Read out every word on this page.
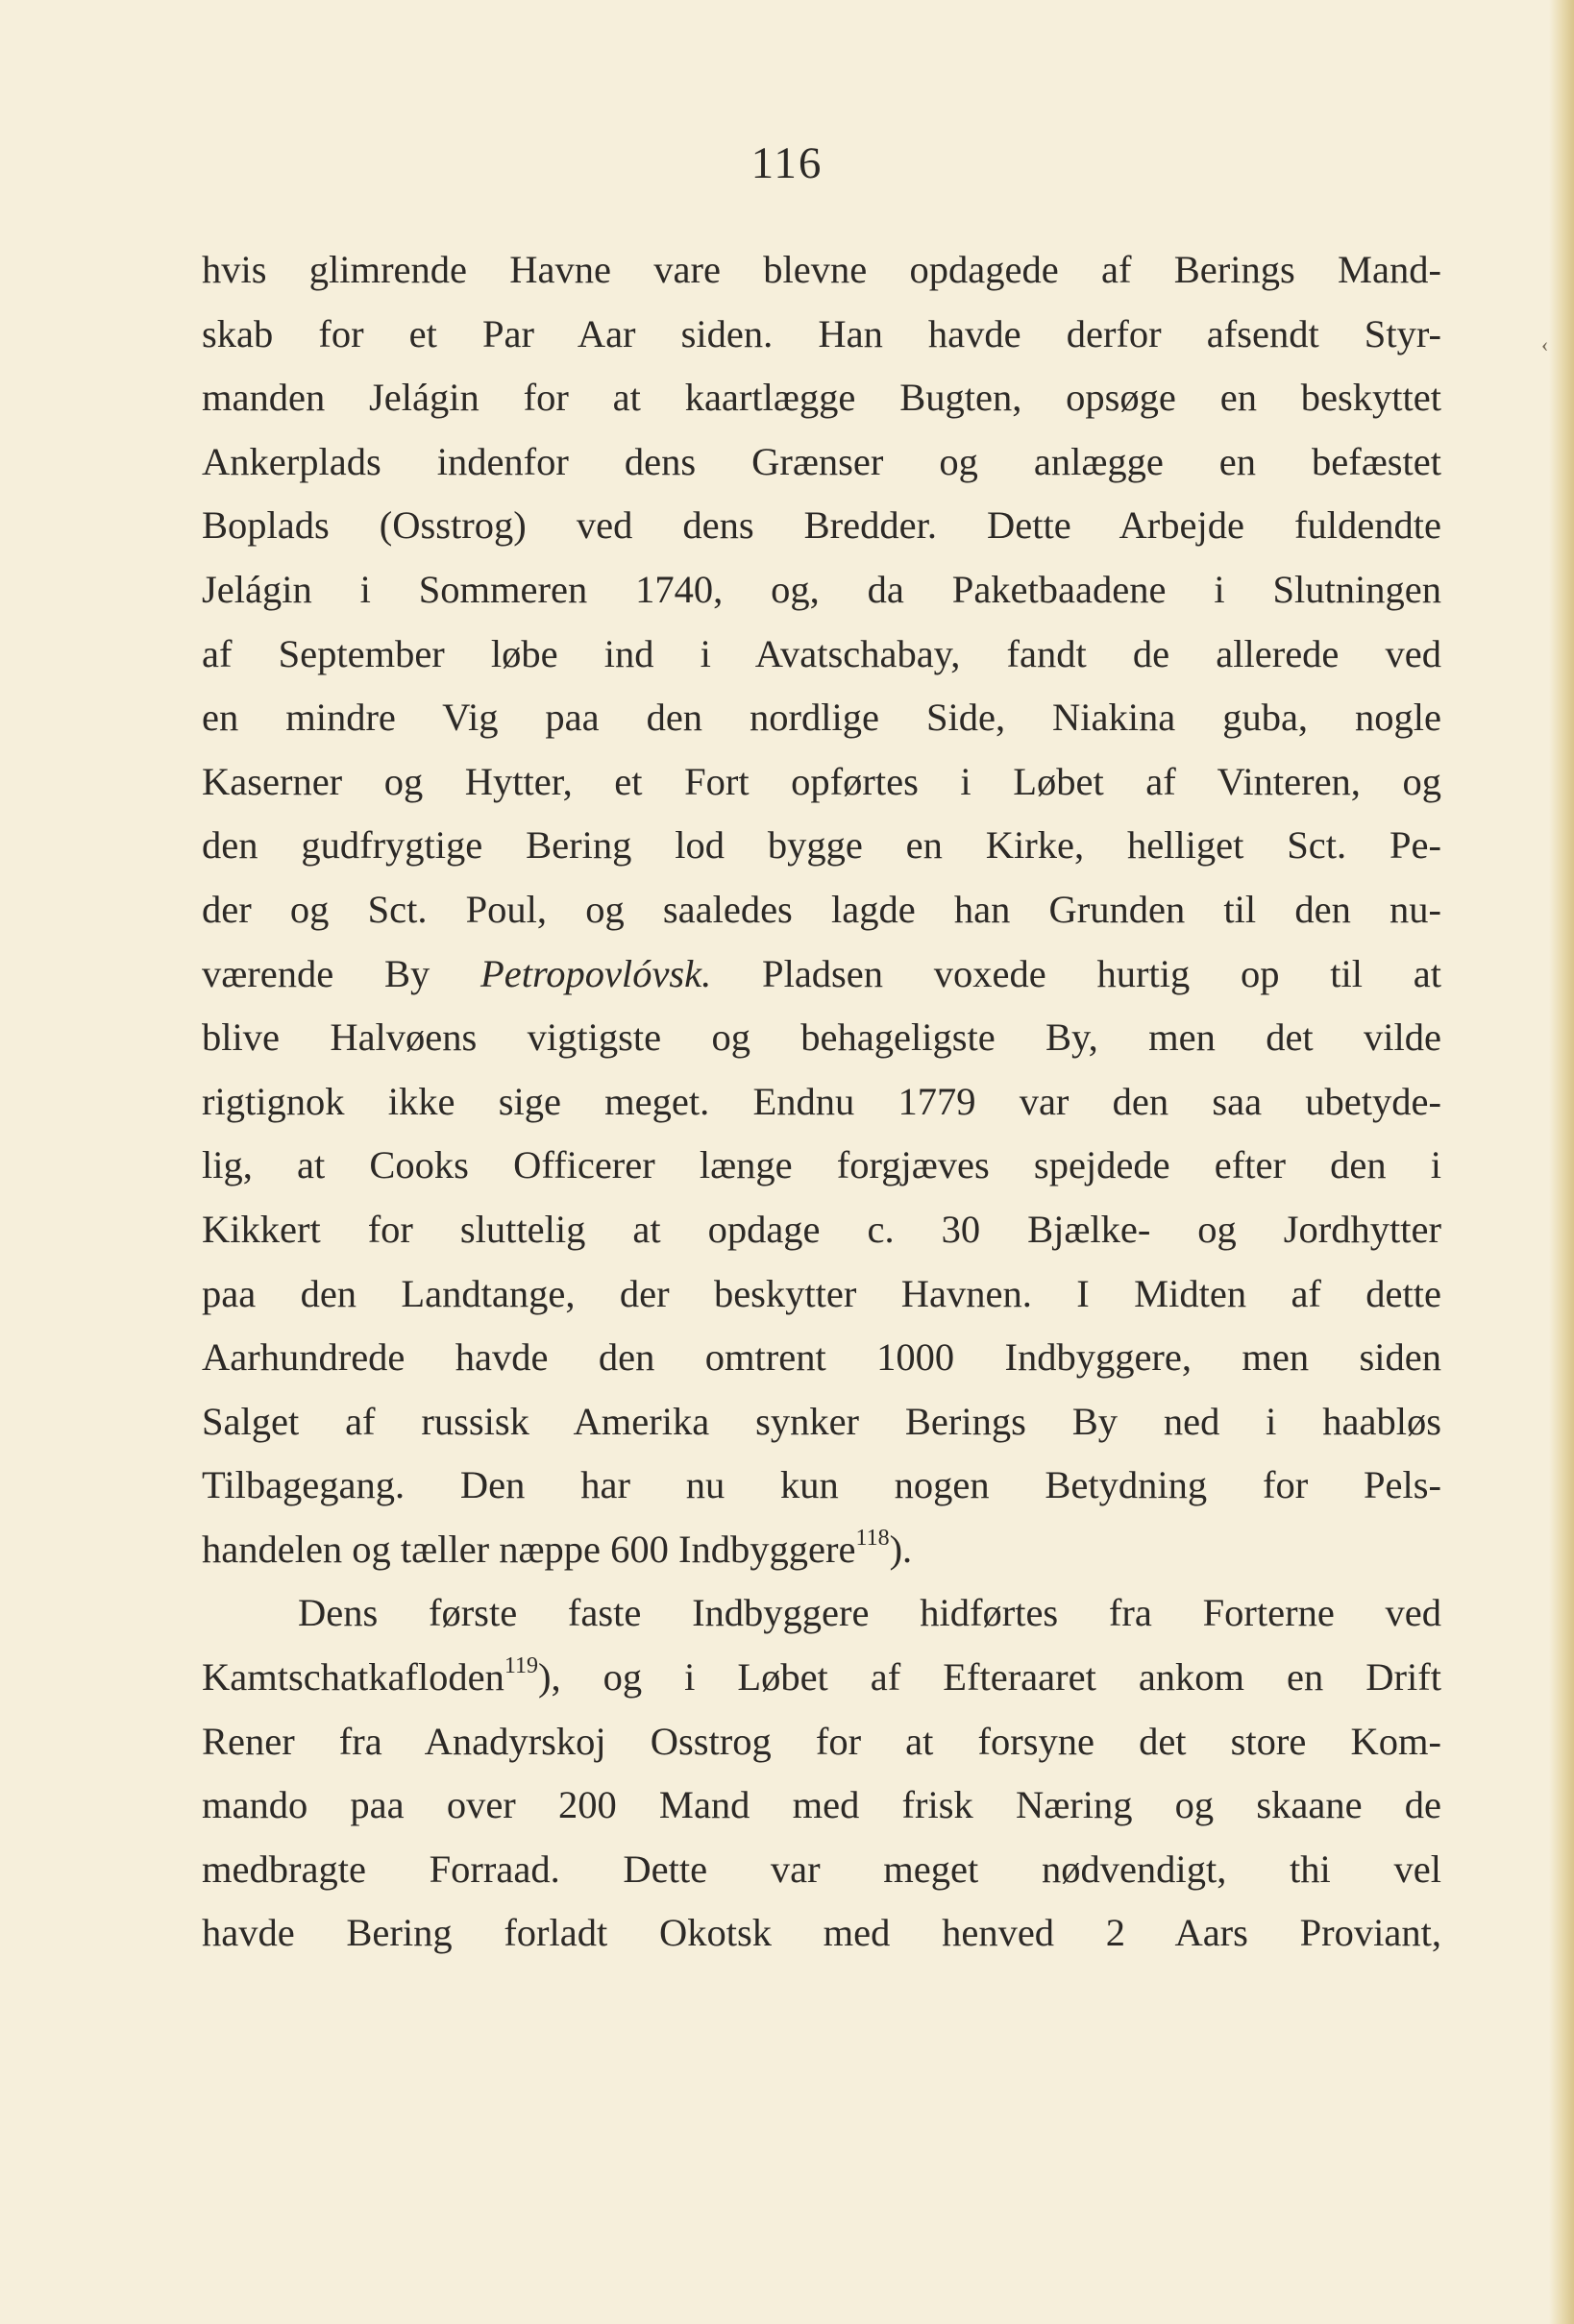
116
‹
hvis glimrende Havne vare blevne opdagede af Berings Mand-
skab for et Par Aar siden. Han havde derfor afsendt Styr-
manden Jelágin for at kaartlægge Bugten, opsøge en beskyttet
Ankerplads indenfor dens Grænser og anlægge en befæstet
Boplads (Osstrog) ved dens Bredder. Dette Arbejde fuldendte
Jelágin i Sommeren 1740, og, da Paketbaadene i Slutningen
af September løbe ind i Avatschabay, fandt de allerede ved
en mindre Vig paa den nordlige Side, Niakina guba, nogle
Kaserner og Hytter, et Fort opførtes i Løbet af Vinteren, og
den gudfrygtige Bering lod bygge en Kirke, helliget Sct. Pe-
der og Sct. Poul, og saaledes lagde han Grunden til den nu-
værende By Petropovlóvsk. Pladsen voxede hurtig op til at
blive Halvøens vigtigste og behageligste By, men det vilde
rigtignok ikke sige meget. Endnu 1779 var den saa ubetyde-
lig, at Cooks Officerer længe forgjæves spejdede efter den i
Kikkert for sluttelig at opdage c. 30 Bjælke- og Jordhytter
paa den Landtange, der beskytter Havnen. I Midten af dette
Aarhundrede havde den omtrent 1000 Indbyggere, men siden
Salget af russisk Amerika synker Berings By ned i haabløs
Tilbagegang. Den har nu kun nogen Betydning for Pels-
handelen og tæller næppe 600 Indbyggere$^{118}$).
Dens første faste Indbyggere hidførtes fra Forterne ved
Kamtschatkafloden$^{119}$), og i Løbet af Efteraaret ankom en Drift
Rener fra Anadyrskoj Osstrog for at forsyne det store Kom-
mando paa over 200 Mand med frisk Næring og skaane de
medbragte Forraad. Dette var meget nødvendigt, thi vel
havde Bering forladt Okotsk med henved 2 Aars Proviant,
